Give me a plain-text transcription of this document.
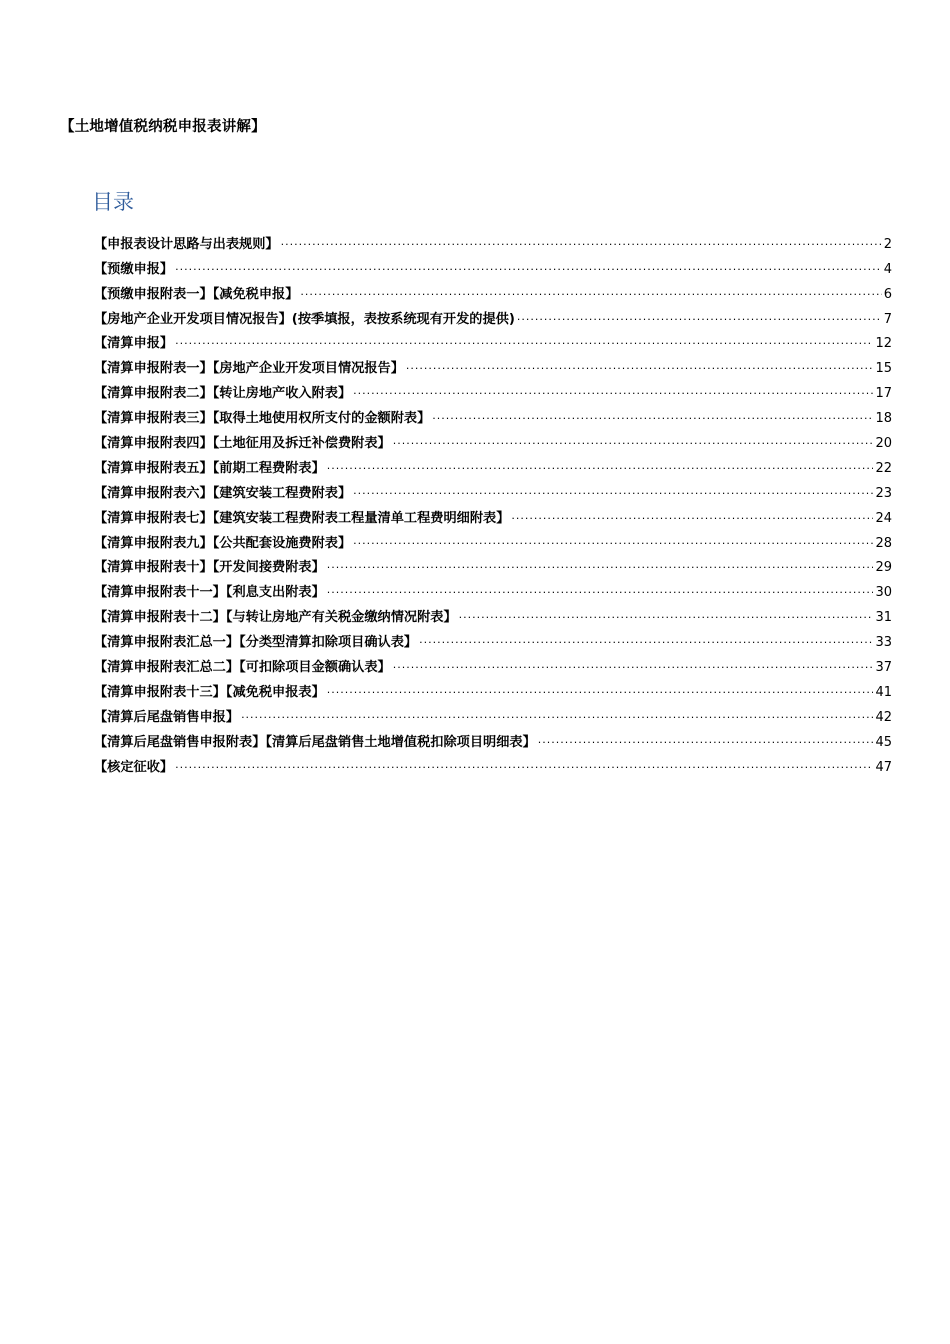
【土地增值税纳税申报表讲解】
目录
【申报表设计思路与出表规则】 .....	2
【预缴申报】 .....	4
【预缴申报附表一】【减免税申报】 .....	6
【房地产企业开发项目情况报告】(按季填报，表按系统现有开发的提供) .....	7
【清算申报】 .....	12
【清算申报附表一】【房地产企业开发项目情况报告】 .....	15
【清算申报附表二】【转让房地产收入附表】 .....	17
【清算申报附表三】【取得土地使用权所支付的金额附表】 .....	18
【清算申报附表四】【土地征用及拆迁补偿费附表】 .....	20
【清算申报附表五】【前期工程费附表】 .....	22
【清算申报附表六】【建筑安装工程费附表】 .....	23
【清算申报附表七】【建筑安装工程费附表工程量清单工程费明细附表】 .....	24
【清算申报附表九】【公共配套设施费附表】 .....	28
【清算申报附表十】【开发间接费附表】 .....	29
【清算申报附表十一】【利息支出附表】 .....	30
【清算申报附表十二】【与转让房地产有关税金缴纳情况附表】 .....	31
【清算申报附表汇总一】【分类型清算扣除项目确认表】 .....	33
【清算申报附表汇总二】【可扣除项目金额确认表】 .....	37
【清算申报附表十三】【减免税申报表】 .....	41
【清算后尾盘销售申报】 .....	42
【清算后尾盘销售申报附表】【清算后尾盘销售土地增值税扣除项目明细表】 .....	45
【核定征收】 .....	47
